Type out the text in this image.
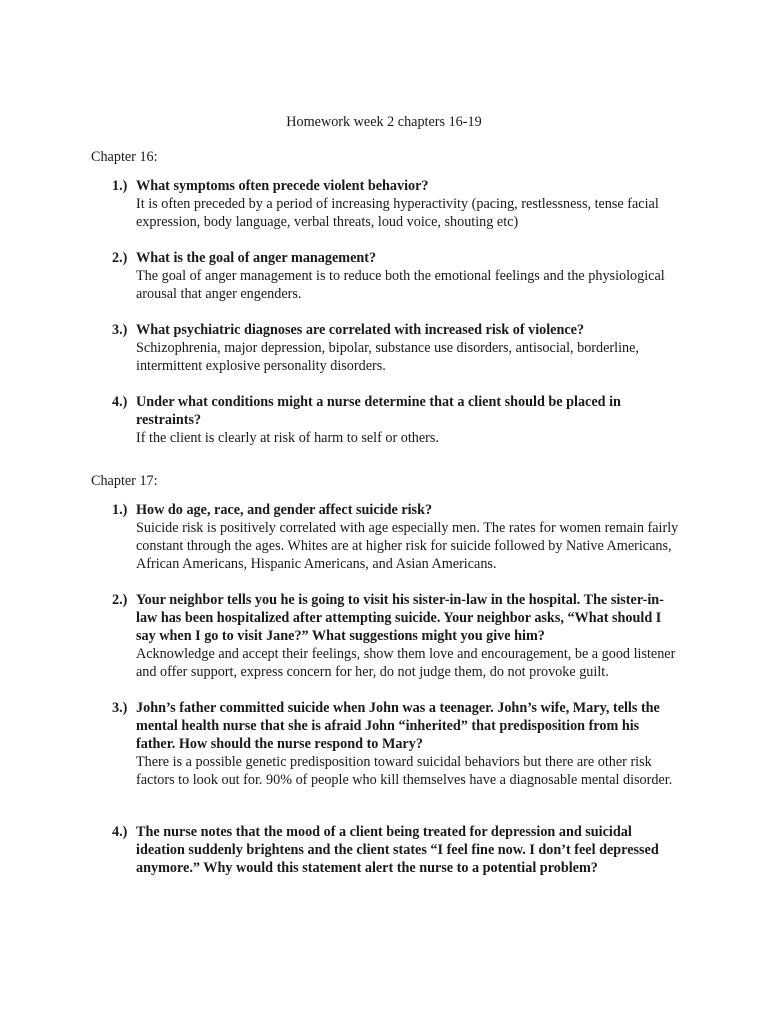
Homework week 2 chapters 16-19
Chapter 16:
1.) What symptoms often precede violent behavior?
It is often preceded by a period of increasing hyperactivity (pacing, restlessness, tense facial expression, body language, verbal threats, loud voice, shouting etc)
2.) What is the goal of anger management?
The goal of anger management is to reduce both the emotional feelings and the physiological arousal that anger engenders.
3.) What psychiatric diagnoses are correlated with increased risk of violence?
Schizophrenia, major depression, bipolar, substance use disorders, antisocial, borderline, intermittent explosive personality disorders.
4.) Under what conditions might a nurse determine that a client should be placed in restraints?
If the client is clearly at risk of harm to self or others.
Chapter 17:
1.) How do age, race, and gender affect suicide risk?
Suicide risk is positively correlated with age especially men. The rates for women remain fairly constant through the ages. Whites are at higher risk for suicide followed by Native Americans, African Americans, Hispanic Americans, and Asian Americans.
2.) Your neighbor tells you he is going to visit his sister-in-law in the hospital. The sister-in-law has been hospitalized after attempting suicide. Your neighbor asks, “What should I say when I go to visit Jane?” What suggestions might you give him?
Acknowledge and accept their feelings, show them love and encouragement, be a good listener and offer support, express concern for her, do not judge them, do not provoke guilt.
3.) John’s father committed suicide when John was a teenager. John’s wife, Mary, tells the mental health nurse that she is afraid John “inherited” that predisposition from his father. How should the nurse respond to Mary?
There is a possible genetic predisposition toward suicidal behaviors but there are other risk factors to look out for. 90% of people who kill themselves have a diagnosable mental disorder.
4.) The nurse notes that the mood of a client being treated for depression and suicidal ideation suddenly brightens and the client states “I feel fine now. I don’t feel depressed anymore.” Why would this statement alert the nurse to a potential problem?
